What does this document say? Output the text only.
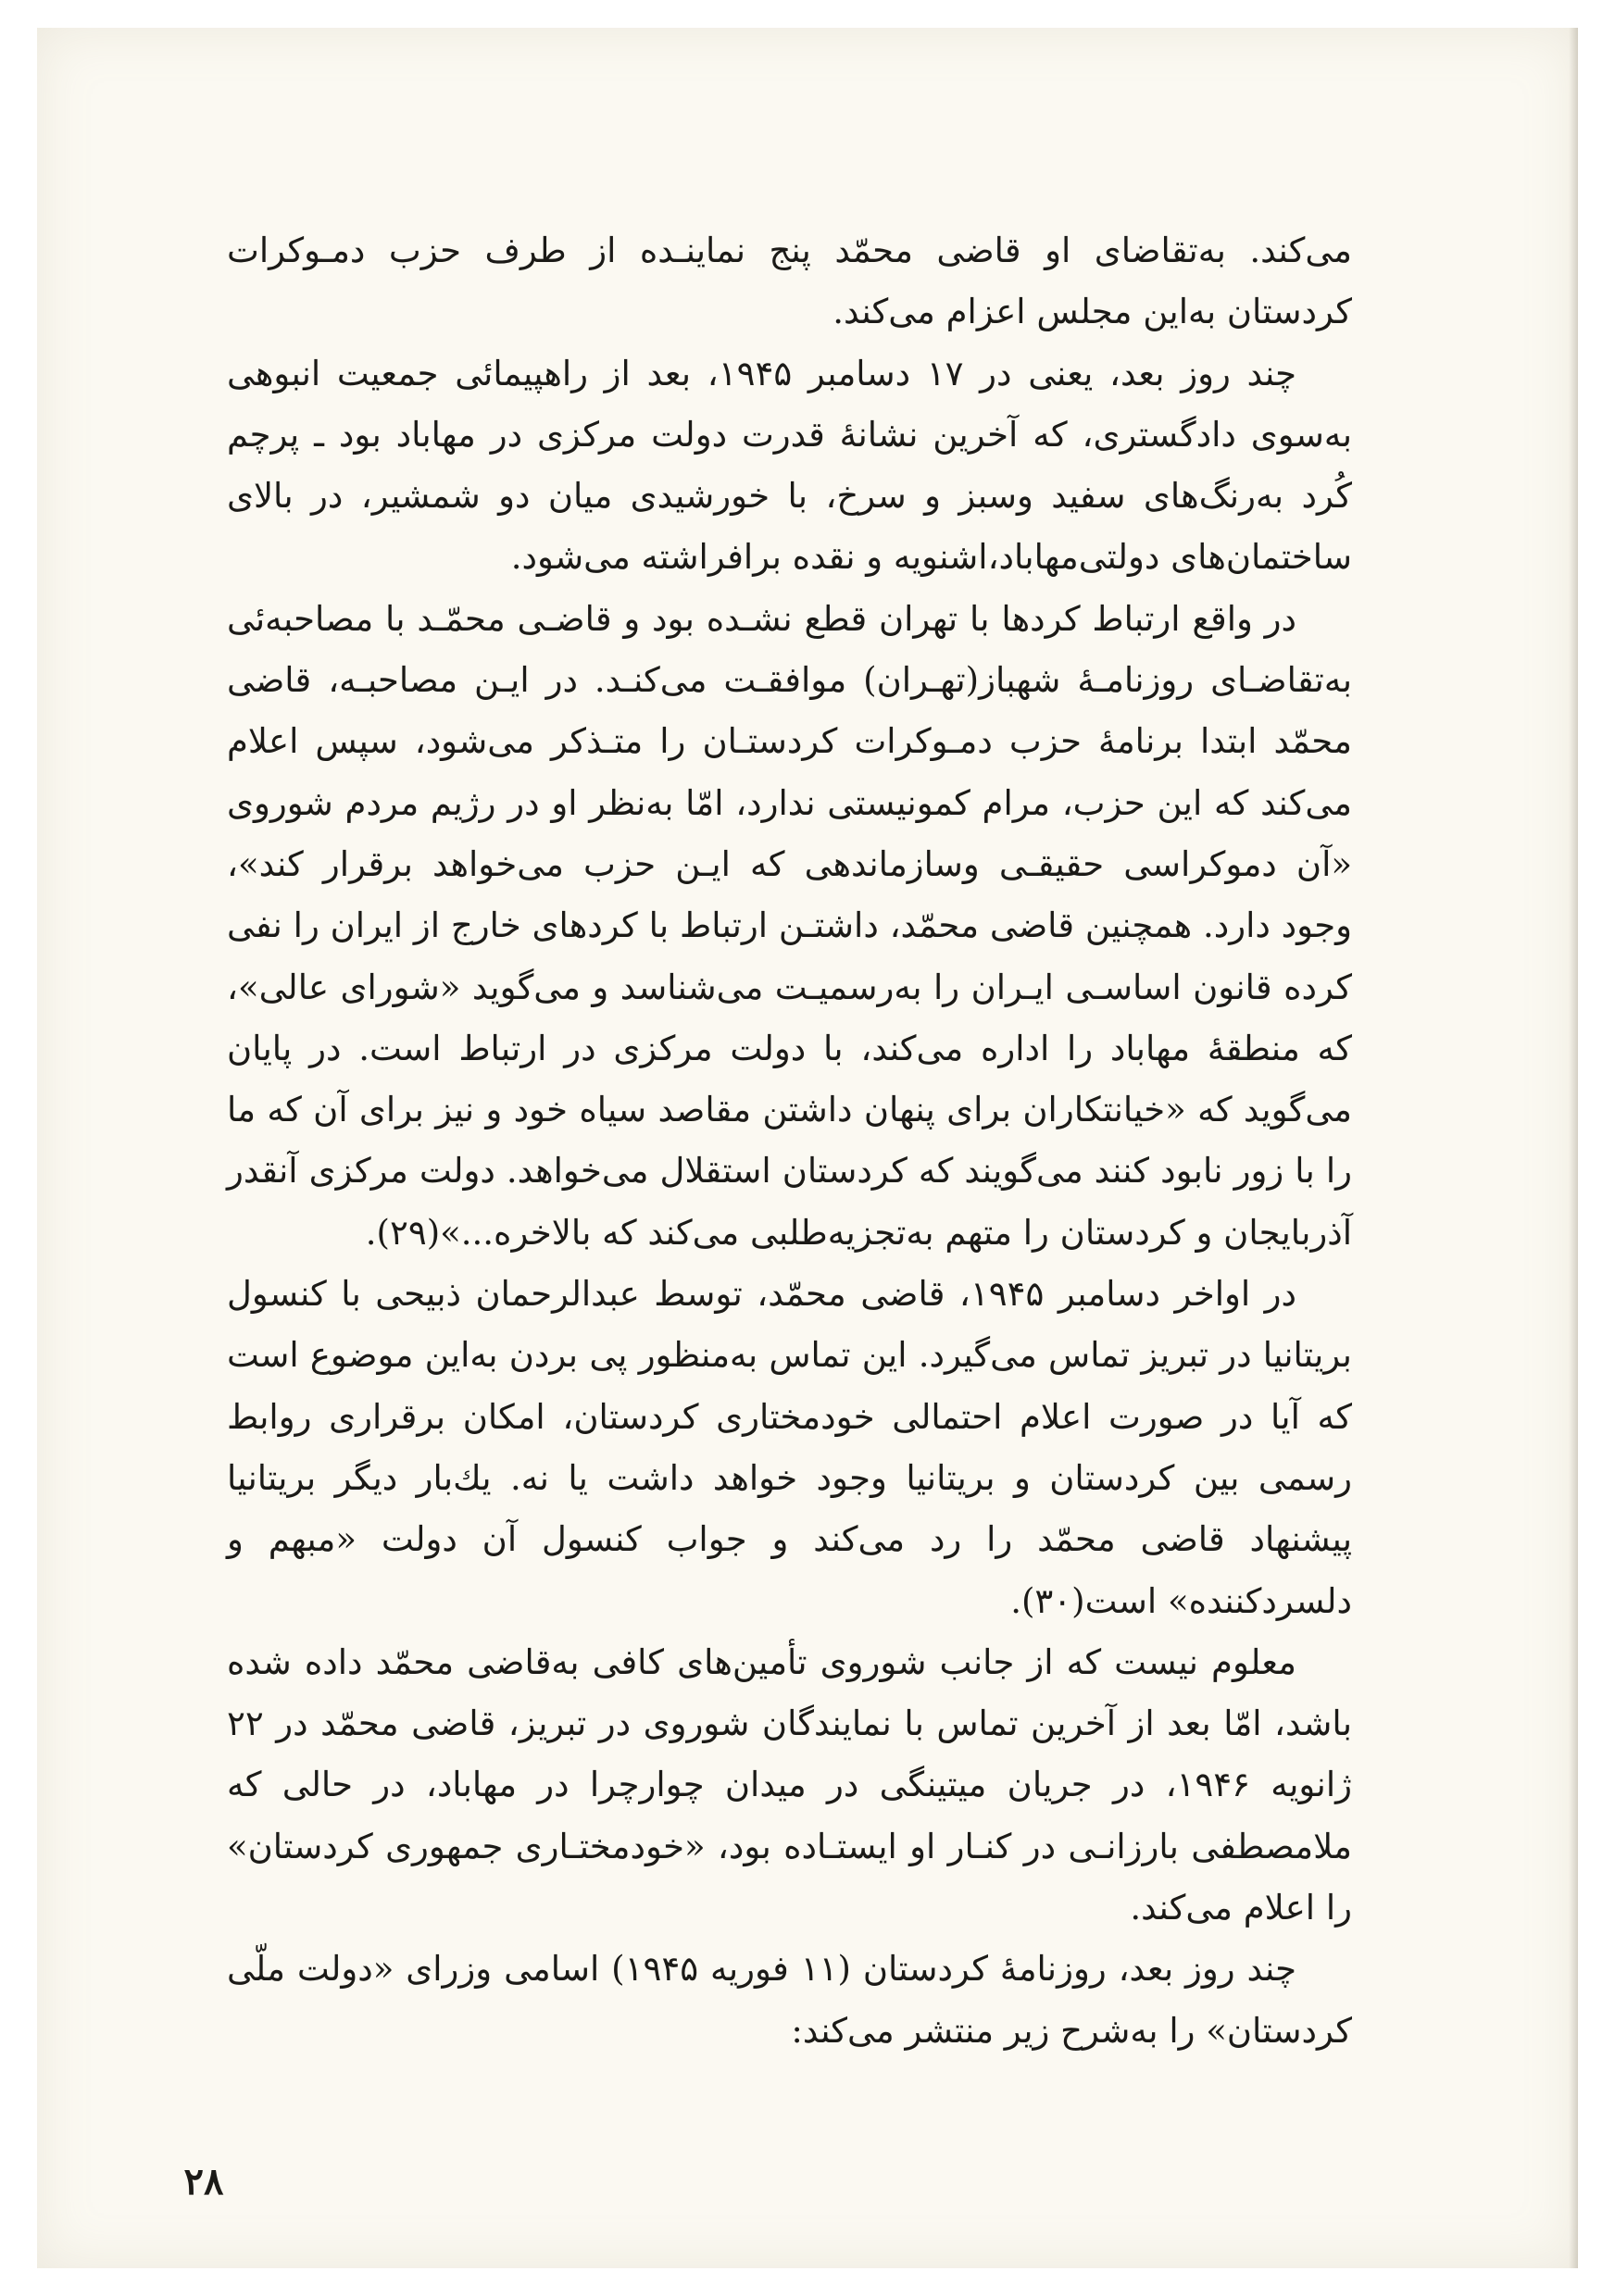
می‌کند. به‌تقاضای او قاضی محمّد پنج نماینـده از طرف حزب دمـوکرات کردستان به‌این مجلس اعزام می‌کند.

چند روز بعد، یعنی در ۱۷ دسامبر ۱۹۴۵، بعد از راهپیمائی جمعیت انبوهی به‌سوی دادگستری، که آخرین نشانهٔ قدرت دولت مرکزی در مهاباد بود ـ پرچم کُرد به‌رنگ‌های سفید وسبز و سرخ، با خورشیدی میان دو شمشیر، در بالای ساختمان‌های دولتی‌مهاباد،اشنویه و نقده برافراشته می‌شود.

در واقع ارتباط کردها با تهران قطع نشـده بود و قاضـی محمّـد با مصاحبه‌ئی به‌تقاضـای روزنامـهٔ شهباز(تهـران) موافقـت می‌کنـد. در ایـن مصاحبـه، قاضی محمّد ابتدا برنامهٔ حزب دمـوکرات کردستـان را متـذکر می‌شود، سپس اعلام می‌کند که این حزب، مرام کمونیستی ندارد، امّا به‌نظر او در رژیم مردم شوروی «آن دموکراسی حقیقـی وسازماندهی که ایـن حزب می‌خواهد برقرار کند»، وجود دارد. همچنین قاضی محمّد، داشتـن ارتباط با کردهای خارج از ایران را نفی کرده قانون اساسـی ایـران را به‌رسمیـت می‌شناسد و می‌گوید «شورای عالی»، که منطقهٔ مهاباد را اداره می‌کند، با دولت مرکزی در ارتباط است. در پایان می‌گوید که «خیانتکاران برای پنهان داشتن مقاصد سیاه خود و نیز برای آن که ما را با زور نابود کنند می‌گویند که کردستان استقلال می‌خواهد. دولت مرکزی آنقدر آذربایجان و کردستان را متهم به‌تجزیه‌طلبی می‌کند که بالاخره...»(۲۹).

در اواخر دسامبر ۱۹۴۵، قاضی محمّد، توسط عبدالرحمان ذبیحی با کنسول بریتانیا در تبریز تماس می‌گیرد. این تماس به‌منظور پی بردن به‌این موضوع است که آیا در صورت اعلام احتمالی خودمختاری کردستان، امکان برقراری روابط رسمی بین کردستان و بریتانیا وجود خواهد داشت یا نه. یك‌بار دیگر بریتانیا پیشنهاد قاضی محمّد را رد می‌کند و جواب کنسول آن دولت «مبهم و دلسردکننده» است(۳۰).

معلوم نیست که از جانب شوروی تأمین‌های کافی به‌قاضی محمّد داده شده باشد، امّا بعد از آخرین تماس با نمایندگان شوروی در تبریز، قاضی محمّد در ۲۲ ژانویه ۱۹۴۶، در جریان میتینگی در میدان چوارچرا در مهاباد، در حالی که ملامصطفی بارزانـی در کنـار او ایستـاده بود، «خودمختـاری جمهوری کردستان» را اعلام می‌کند.

چند روز بعد، روزنامهٔ کردستان (۱۱ فوریه ۱۹۴۵) اسامی وزرای «دولت ملّی کردستان» را به‌شرح زیر منتشر می‌کند:

۲۸
